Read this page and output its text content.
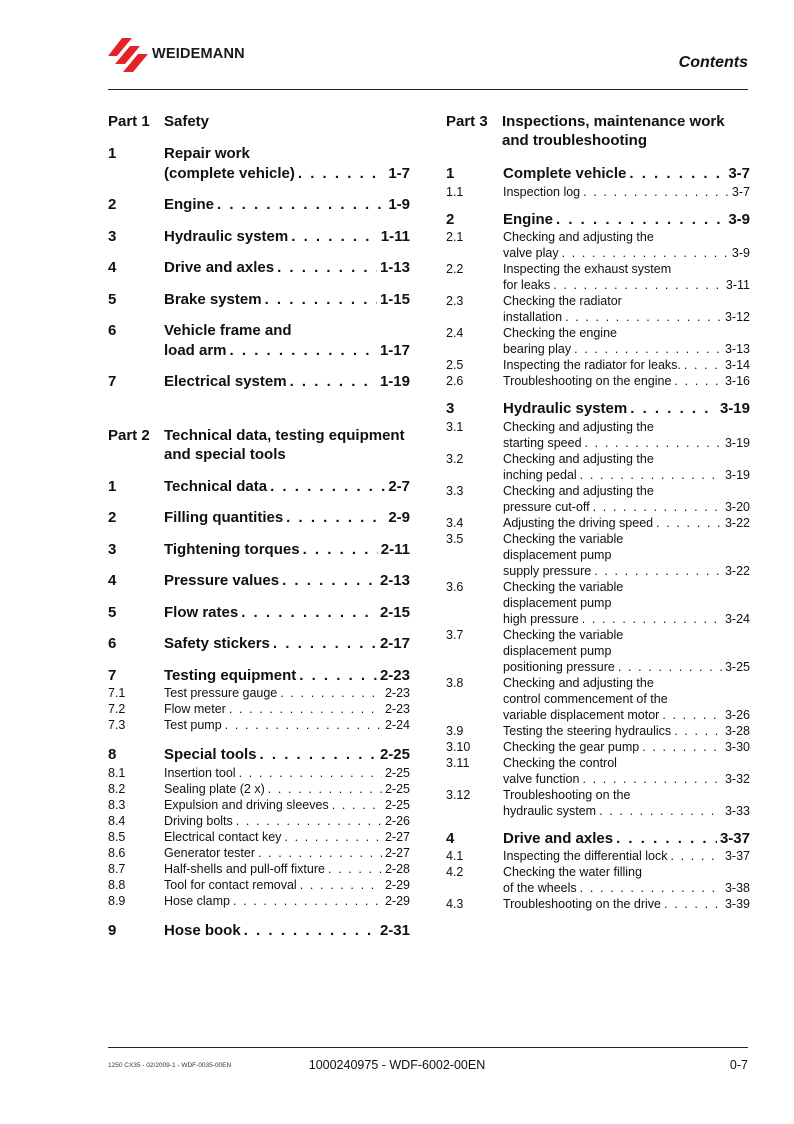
WEIDEMANN	Contents
Part 1 Safety
1	Repair work
(complete vehicle) . . .	1-7
2	Engine . . .	1-9
3	Hydraulic system . . .	1-11
4	Drive and axles . . .	1-13
5	Brake system . . .	1-15
6	Vehicle frame and
load arm . . .	1-17
7	Electrical system . . .	1-19
Part 2 Technical data, testing equipment and special tools
1	Technical data . . .	2-7
2	Filling quantities . . .	2-9
3	Tightening torques . . .	2-11
4	Pressure values . . .	2-13
5	Flow rates . . .	2-15
6	Safety stickers . . .	2-17
7	Testing equipment . . .	2-23
7.1	Test pressure gauge . . .	2-23
7.2	Flow meter . . .	2-23
7.3	Test pump . . .	2-24
8	Special tools . . .	2-25
8.1	Insertion tool . . .	2-25
8.2	Sealing plate (2 x) . . .	2-25
8.3	Expulsion and driving sleeves . . .	2-25
8.4	Driving bolts . . .	2-26
8.5	Electrical contact key . . .	2-27
8.6	Generator tester . . .	2-27
8.7	Half-shells and pull-off fixture . . .	2-28
8.8	Tool for contact removal . . .	2-29
8.9	Hose clamp . . .	2-29
9	Hose book . . .	2-31
Part 3 Inspections, maintenance work and troubleshooting
1	Complete vehicle . . .	3-7
1.1	Inspection log . . .	3-7
2	Engine . . .	3-9
2.1	Checking and adjusting the
valve play . . .	3-9
2.2	Inspecting the exhaust system
for leaks . . .	3-11
2.3	Checking the radiator
installation . . .	3-12
2.4	Checking the engine
bearing play . . .	3-13
2.5	Inspecting the radiator for leaks. . . .	3-14
2.6	Troubleshooting on the engine . . .	3-16
3	Hydraulic system . . .	3-19
3.1	Checking and adjusting the
starting speed . . .	3-19
3.2	Checking and adjusting the
inching pedal . . .	3-19
3.3	Checking and adjusting the
pressure cut-off . . .	3-20
3.4	Adjusting the driving speed . . .	3-22
3.5	Checking the variable
displacement pump
supply pressure . . .	3-22
3.6	Checking the variable
displacement pump
high pressure . . .	3-24
3.7	Checking the variable
displacement pump
positioning pressure . . .	3-25
3.8	Checking and adjusting the
control commencement of the
variable displacement motor . . .	3-26
3.9	Testing the steering hydraulics . . .	3-28
3.10	Checking the gear pump . . .	3-30
3.11	Checking the control
valve function . . .	3-32
3.12	Troubleshooting on the
hydraulic system . . .	3-33
4	Drive and axles . . .	3-37
4.1	Inspecting the differential lock . . .	3-37
4.2	Checking the water filling
of the wheels . . .	3-38
4.3	Troubleshooting on the drive . . .	3-39
1250 CX35 - 02/2009-1 - WDF-0035-00EN	1000240975 - WDF-6002-00EN	0-7
